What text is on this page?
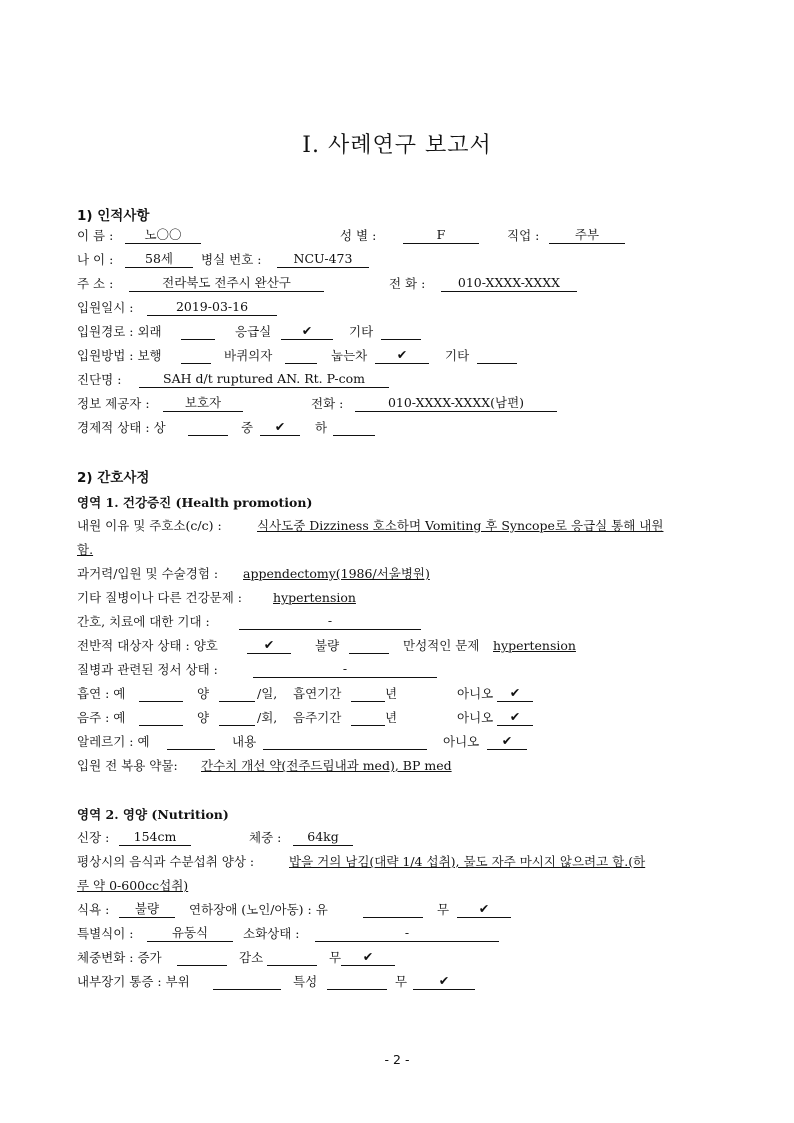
Ⅰ. 사례연구 보고서
1) 인적사항
이 름 :	노〇〇	성 별 :	F	직업 :	주부
나 이 :	58세	병실 번호 :	NCU-473
주 소 :	전라북도 전주시 완산구	전 화 :	010-XXXX-XXXX
입원일시 :	2019-03-16
입원경로 : 외래	응급실	✔	기타
입원방법 : 보행	바퀴의자	눕는차	✔	기타
진단명 :	SAH d/t ruptured AN. Rt. P-com
정보 제공자 :	보호자	전화 :	010-XXXX-XXXX(남편)
경제적 상태 : 상	중	✔	하
2) 간호사정
영역 1. 건강증진 (Health promotion)
내원 이유 및 주호소(c/c) :	식사도중 Dizziness 호소하며 Vomiting 후 Syncope로 응급실 통해 내원
함.
과거력/입원 및 수술경험 : appendectomy(1986/서울병원)
기타 질병이나 다른 건강문제 : hypertension
간호, 치료에 대한 기대 :	-
전반적 대상자 상태 : 양호	✔	불량	만성적인 문제 hypertension
질병과 관련된 정서 상태 :	-
흡연 : 예	양	/일, 흡연기간	년	아니오	✔
음주 : 예	양	/회, 음주기간	년	아니오	✔
알레르기 : 예	내용	아니오	✔
입원 전 복용 약물: 간수치 개선 약(전주드림내과 med), BP med
영역 2. 영양 (Nutrition)
신장 :	154cm	체중 :	64kg
평상시의 음식과 수분섭취 양상 :	밥을 거의 남김(대략 1/4 섭취), 물도 자주 마시지 않으려고 함.(하
루 약 0-600cc섭취)
식욕 :	불량	연하장애 (노인/아동) : 유	무	✔
특별식이 :	유동식	소화상태 :	-
체중변화 : 증가	감소	무	✔
내부장기 통증 : 부위	특성	무	✔
- 2 -
